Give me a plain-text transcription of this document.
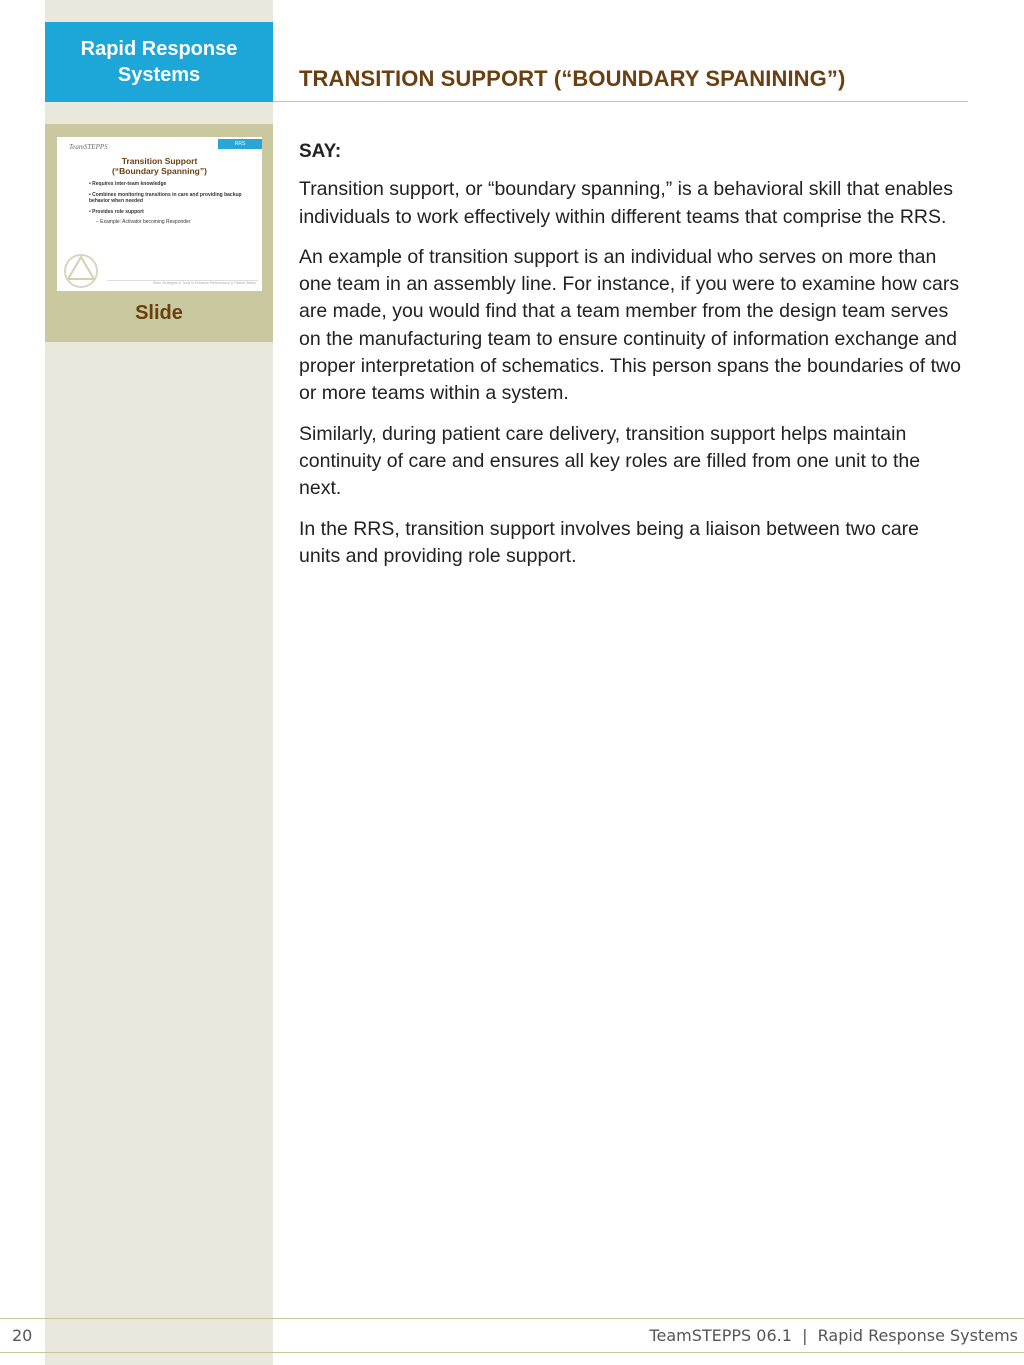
Rapid Response
Systems	TRANSITION SUPPORT (“BOUNDARY SPANINING”)
TeamSTEPPS	RRS
Transition Support
(“Boundary Spanning”)
• Requires inter-team knowledge
• Combines monitoring transitions in care and providing backup behavior when needed
• Provides role support
– Example: Activator becoming Responder
Team Strategies & Tools to Enhance Performance & Patient Safety
Slide

SAY:

Transition support, or “boundary spanning,” is a behavioral skill that enables individuals to work effectively within different teams that comprise the RRS.

An example of transition support is an individual who serves on more than one team in an assembly line. For instance, if you were to examine how cars are made, you would find that a team member from the design team serves on the manufacturing team to ensure continuity of information exchange and proper interpretation of schematics. This person spans the boundaries of two or more teams within a system.

Similarly, during patient care delivery, transition support helps maintain continuity of care and ensures all key roles are filled from one unit to the next.

In the RRS, transition support involves being a liaison between two care units and providing role support.

20	TeamSTEPPS 06.1  |  Rapid Response Systems
